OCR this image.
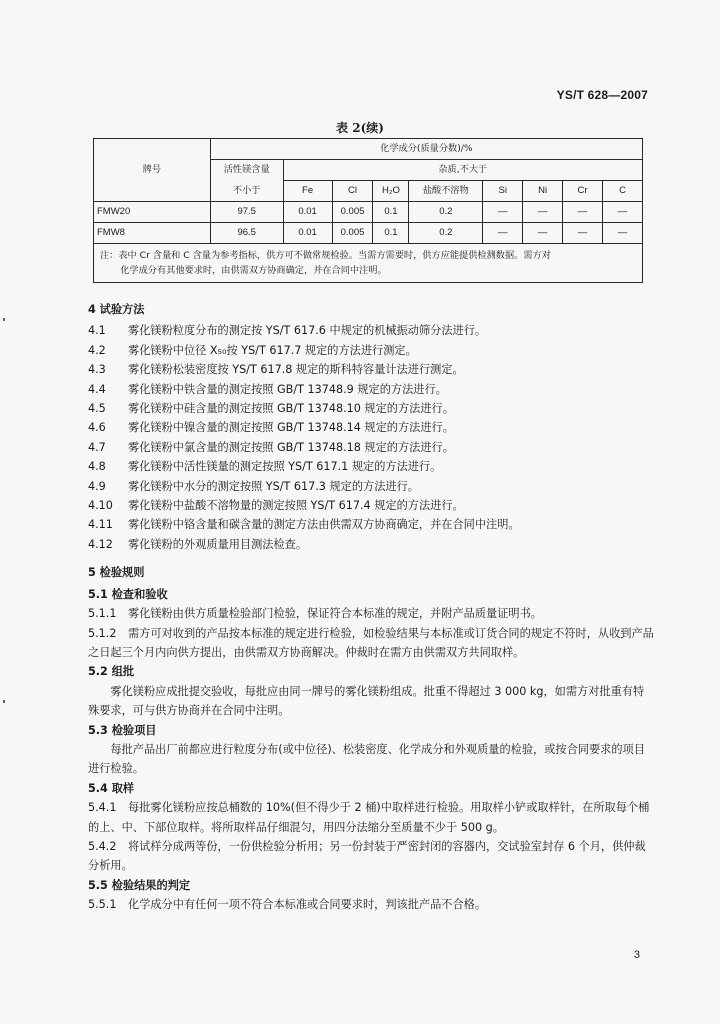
YS/T 628—2007
表 2(续)
牌号	化学成分(质量分数)/%								
	活性镁含量	杂质,不大于							
	不小于	Fe	Cl	H₂O	盐酸不溶物	Si	Ni	Cr	C
FMW20	97.5	0.01	0.005	0.1	0.2	—	—	—	—
FMW8	96.5	0.01	0.005	0.1	0.2	—	—	—	—

注：表中 Cr 含量和 C 含量为参考指标，供方可不做常规检验。当需方需要时，供方应能提供检测数据。需方对
化学成分有其他要求时，由供需双方协商确定，并在合同中注明。									

4 试验方法

4.1 雾化镁粉粒度分布的测定按 YS/T 617.6 中规定的机械振动筛分法进行。

4.2 雾化镁粉中位径 X₅₀按 YS/T 617.7 规定的方法进行测定。

4.3 雾化镁粉松装密度按 YS/T 617.8 规定的斯科特容量计法进行测定。

4.4 雾化镁粉中铁含量的测定按照 GB/T 13748.9 规定的方法进行。

4.5 雾化镁粉中硅含量的测定按照 GB/T 13748.10 规定的方法进行。

4.6 雾化镁粉中镍含量的测定按照 GB/T 13748.14 规定的方法进行。

4.7 雾化镁粉中氯含量的测定按照 GB/T 13748.18 规定的方法进行。

4.8 雾化镁粉中活性镁量的测定按照 YS/T 617.1 规定的方法进行。

4.9 雾化镁粉中水分的测定按照 YS/T 617.3 规定的方法进行。

4.10 雾化镁粉中盐酸不溶物量的测定按照 YS/T 617.4 规定的方法进行。

4.11 雾化镁粉中铬含量和碳含量的测定方法由供需双方协商确定，并在合同中注明。

4.12 雾化镁粉的外观质量用目测法检查。

5 检验规则

5.1 检查和验收

5.1.1 雾化镁粉由供方质量检验部门检验，保证符合本标准的规定，并附产品质量证明书。

5.1.2 需方可对收到的产品按本标准的规定进行检验，如检验结果与本标准或订货合同的规定不符时，从收到产品之日起三个月内向供方提出，由供需双方协商解决。仲裁时在需方由供需双方共同取样。

5.2 组批

雾化镁粉应成批提交验收，每批应由同一牌号的雾化镁粉组成。批重不得超过 3 000 kg，如需方对批重有特殊要求，可与供方协商并在合同中注明。

5.3 检验项目

每批产品出厂前都应进行粒度分布(或中位径)、松装密度、化学成分和外观质量的检验，或按合同要求的项目进行检验。

5.4 取样

5.4.1 每批雾化镁粉应按总桶数的 10%(但不得少于 2 桶)中取样进行检验。用取样小铲或取样针，在所取每个桶的上、中、下部位取样。将所取样品仔细混匀，用四分法缩分至质量不少于 500 g。

5.4.2 将试样分成两等份，一份供检验分析用；另一份封装于严密封闭的容器内，交试验室封存 6 个月，供仲裁分析用。

5.5 检验结果的判定

5.5.1 化学成分中有任何一项不符合本标准或合同要求时，判该批产品不合格。

3
